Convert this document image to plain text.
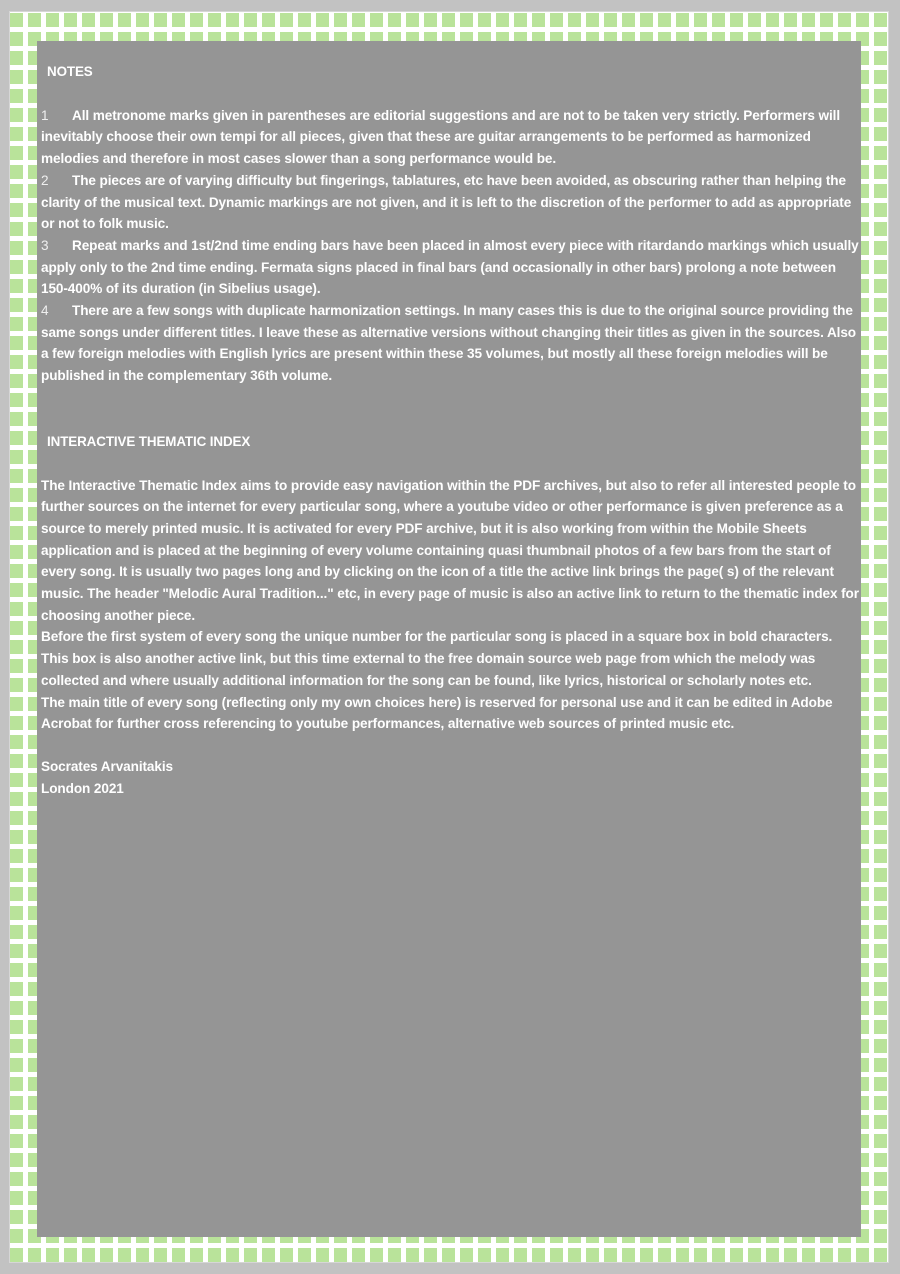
NOTES

1 All metronome marks given in parentheses are editorial suggestions and are not to be taken very strictly. Performers will inevitably choose their own tempi for all pieces, given that these are guitar arrangements to be performed as harmonized melodies and therefore in most cases slower than a song performance would be.

2 The pieces are of varying difficulty but fingerings, tablatures, etc have been avoided, as obscuring rather than helping the clarity of the musical text. Dynamic markings are not given, and it is left to the discretion of the performer to add as appropriate or not to folk music.

3 Repeat marks and 1st/2nd time ending bars have been placed in almost every piece with ritardando markings which usually apply only to the 2nd time ending. Fermata signs placed in final bars (and occasionally in other bars) prolong a note between 150-400% of its duration (in Sibelius usage).

4 There are a few songs with duplicate harmonization settings. In many cases this is due to the original source providing the same songs under different titles. I leave these as alternative versions without changing their titles as given in the sources. Also a few foreign melodies with English lyrics are present within these 35 volumes, but mostly all these foreign melodies will be published in the complementary 36th volume.

INTERACTIVE THEMATIC INDEX

The Interactive Thematic Index aims to provide easy navigation within the PDF archives, but also to refer all interested people to further sources on the internet for every particular song, where a youtube video or other performance is given preference as a source to merely printed music. It is activated for every PDF archive, but it is also working from within the Mobile Sheets application and is placed at the beginning of every volume containing quasi thumbnail photos of a few bars from the start of every song. It is usually two pages long and by clicking on the icon of a title the active link brings the page( s) of the relevant music. The header "Melodic Aural Tradition..." etc, in every page of music is also an active link to return to the thematic index for choosing another piece.

Before the first system of every song the unique number for the particular song is placed in a square box in bold characters. This box is also another active link, but this time external to the free domain source web page from which the melody was collected and where usually additional information for the song can be found, like lyrics, historical or scholarly notes etc.

The main title of every song (reflecting only my own choices here) is reserved for personal use and it can be edited in Adobe Acrobat for further cross referencing to youtube performances, alternative web sources of printed music etc.

Socrates Arvanitakis
London 2021
